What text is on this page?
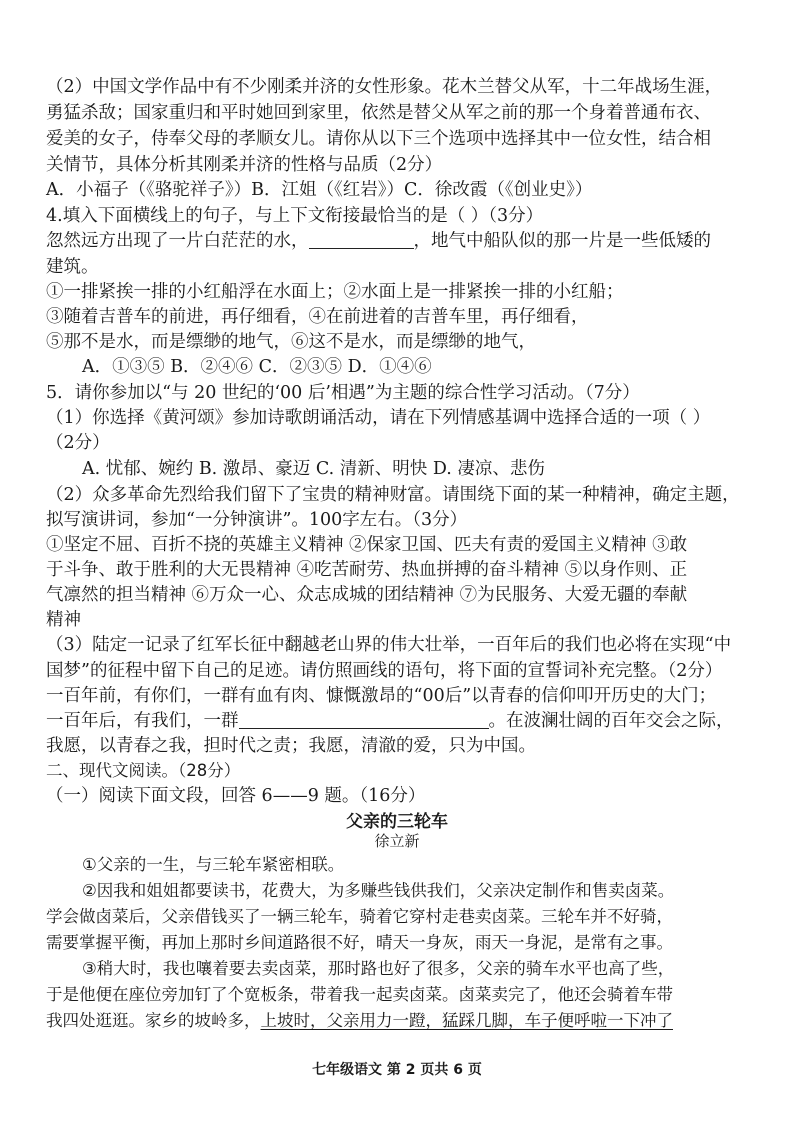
（2）中国文学作品中有不少刚柔并济的女性形象。花木兰替父从军，十二年战场生涯，
勇猛杀敌；国家重归和平时她回到家里，依然是替父从军之前的那一个身着普通布衣、
爱美的女子，侍奉父母的孝顺女儿。请你从以下三个选项中选择其中一位女性，结合相
关情节，具体分析其刚柔并济的性格与品质（2分）
A．小福子（《骆驼祥子》）B．江姐（《红岩》）C．徐改霞（《创业史》）
4.填入下面横线上的句子，与上下文衔接最恰当的是（ ）（3分）
忽然远方出现了一片白茫茫的水，	，地气中船队似的那一片是一些低矮的
建筑。
①一排紧挨一排的小红船浮在水面上；②水面上是一排紧挨一排的小红船；
③随着吉普车的前进，再仔细看，④在前进着的吉普车里，再仔细看，
⑤那不是水，而是缥缈的地气，⑥这不是水，而是缥缈的地气，
A．①③⑤ B．②④⑥ C．②③⑤ D．①④⑥
5．请你参加以“与 20 世纪的‘00 后’相遇”为主题的综合性学习活动。（7分）
（1）你选择《黄河颂》参加诗歌朗诵活动，请在下列情感基调中选择合适的一项（ ）
（2分）
A. 忧郁、婉约 B. 激昂、豪迈 C. 清新、明快 D. 凄凉、悲伤
（2）众多革命先烈给我们留下了宝贵的精神财富。请围绕下面的某一种精神，确定主题，
拟写演讲词，参加“一分钟演讲”。100字左右。（3分）
①坚定不屈、百折不挠的英雄主义精神 ②保家卫国、匹夫有责的爱国主义精神 ③敢
于斗争、敢于胜利的大无畏精神 ④吃苦耐劳、热血拼搏的奋斗精神 ⑤以身作则、正
气凛然的担当精神 ⑥万众一心、众志成城的团结精神 ⑦为民服务、大爱无疆的奉献
精神
（3）陆定一记录了红军长征中翻越老山界的伟大壮举，一百年后的我们也必将在实现“中
国梦”的征程中留下自己的足迹。请仿照画线的语句，将下面的宣誓词补充完整。（2分）
一百年前，有你们，一群有血有肉、慷慨激昂的“00后”以青春的信仰叩开历史的大门；
一百年后，有我们，一群	。在波澜壮阔的百年交会之际，
我愿，以青春之我，担时代之责；我愿，清澈的爱，只为中国。
二、现代文阅读。（28分）
（一）阅读下面文段，回答 6——9 题。（16分）
父亲的三轮车
徐立新
①父亲的一生，与三轮车紧密相联。
②因我和姐姐都要读书，花费大，为多赚些钱供我们，父亲决定制作和售卖卤菜。
学会做卤菜后，父亲借钱买了一辆三轮车，骑着它穿村走巷卖卤菜。三轮车并不好骑，
需要掌握平衡，再加上那时乡间道路很不好，晴天一身灰，雨天一身泥，是常有之事。
③稍大时，我也嚷着要去卖卤菜，那时路也好了很多，父亲的骑车水平也高了些，
于是他便在座位旁加钉了个宽板条，带着我一起卖卤菜。卤菜卖完了，他还会骑着车带
我四处逛逛。家乡的坡岭多，上坡时，父亲用力一蹬，猛踩几脚，车子便呼啦一下冲了
七年级语文 第 2 页共 6 页
